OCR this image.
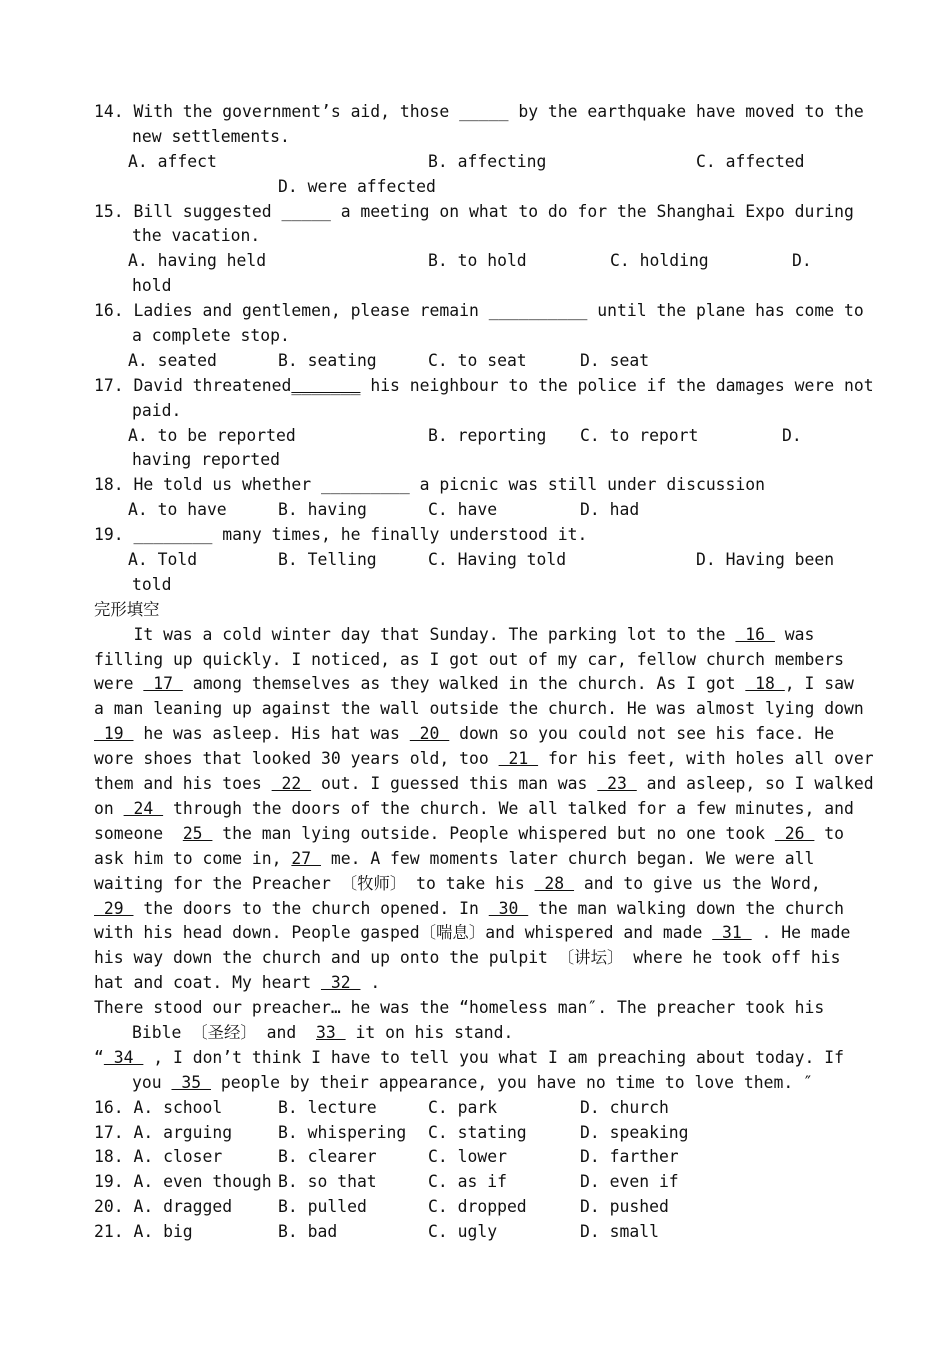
14. With the government’s aid, those _____ by the earthquake have moved to the
new settlements.

A. affect

	B. affecting

	C. affected

D. were affected

15. Bill suggested _____ a meeting on what to do for the Shanghai Expo during
the vacation.

A. having held

	B. to hold

	C. holding

	D.

hold
16. Ladies and gentlemen, please remain __________ until the plane has come to
a complete stop.

A. seated

	B. seating

	C. to seat

	D. seat

17. David threatened_______ his neighbour to the police if the damages were not
paid.

A. to be reported

	B. reporting

C. to report

	D.

having reported
18. He told us whether _________ a picnic was still under discussion

A. to have

	B. having

	C. have

	D. had

19. ________ many times, he finally understood it.

A. Told

	B. Telling

	C. Having told

	D. Having been

told
完形填空
It was a cold winter day that Sunday. The parking lot to the  16  was
filling up quickly. I noticed, as I got out of my car, fellow church members
were  17  among themselves as they walked in the church. As I got  18 , I saw
a man leaning up against the wall outside the church. He was almost lying down
19  he was asleep. His hat was  20  down so you could not see his face. He
wore shoes that looked 30 years old, too  21  for his feet, with holes all over
them and his toes  22  out. I guessed this man was  23  and asleep, so I walked
on  24  through the doors of the church. We all talked for a few minutes, and
someone  25  the man lying outside. People whispered but no one took  26  to
ask him to come in, 27  me. A few moments later church began. We were all
waiting for the Preacher 〔牧师〕 to take his  28  and to give us the Word,
29  the doors to the church opened. In  30  the man walking down the church
with his head down. People gasped〔喘息〕and whispered and made  31  . He made
his way down the church and up onto the pulpit 〔讲坛〕 where he took off his
hat and coat. My heart  32  .
There stood our preacher… he was the “homeless man″. The preacher took his
Bible 〔圣经〕 and  33  it on his stand.
“ 34  , I don’t think I have to tell you what I am preaching about today. If
you  35  people by their appearance, you have no time to love them. ″

16. A. school

	B. lecture

	C. park

	D. church

17. A. arguing

	B. whispering

C. stating

	D. speaking

18. A. closer

	B. clearer

	C. lower

	D. farther

19. A. even though

B. so that

	C. as if

	D. even if

20. A. dragged

	B. pulled

	C. dropped

	D. pushed

21. A. big

	B. bad

	C. ugly

	D. small
